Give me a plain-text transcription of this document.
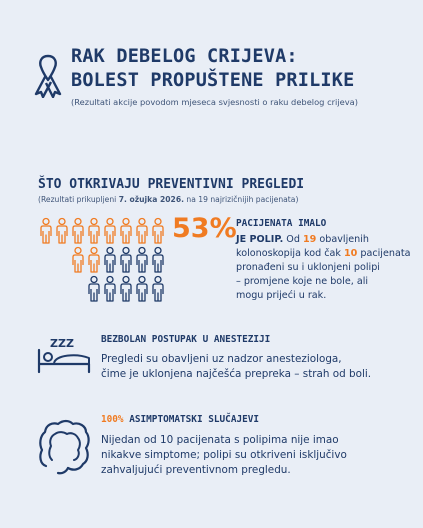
RAK DEBELOG CRIJEVA:
BOLEST PROPUŠTENE PRILIKE
(Rezultati akcije povodom mjeseca svjesnosti o raku debelog crijeva)
ŠTO OTKRIVAJU PREVENTIVNI PREGLEDI
(Rezultati prikupljeni 7. ožujka 2026. na 19 najrizičnijih pacijenata)
53% PACIJENATA IMALO
JE POLIP. Od 19 obavljenih
kolonoskopija kod čak 10 pacijenata
pronađeni su i uklonjeni polipi
– promjene koje ne bole, ali
mogu prijeći u rak.
ZZZ	BEZBOLAN POSTUPAK U ANESTEZIJI
Pregledi su obavljeni uz nadzor anesteziologa,
čime je uklonjena najčešća prepreka – strah od boli.
100% ASIMPTOMATSKI SLUČAJEVI
Nijedan od 10 pacijenata s polipima nije imao
nikakve simptome; polipi su otkriveni isključivo
zahvaljujući preventivnom pregledu.
